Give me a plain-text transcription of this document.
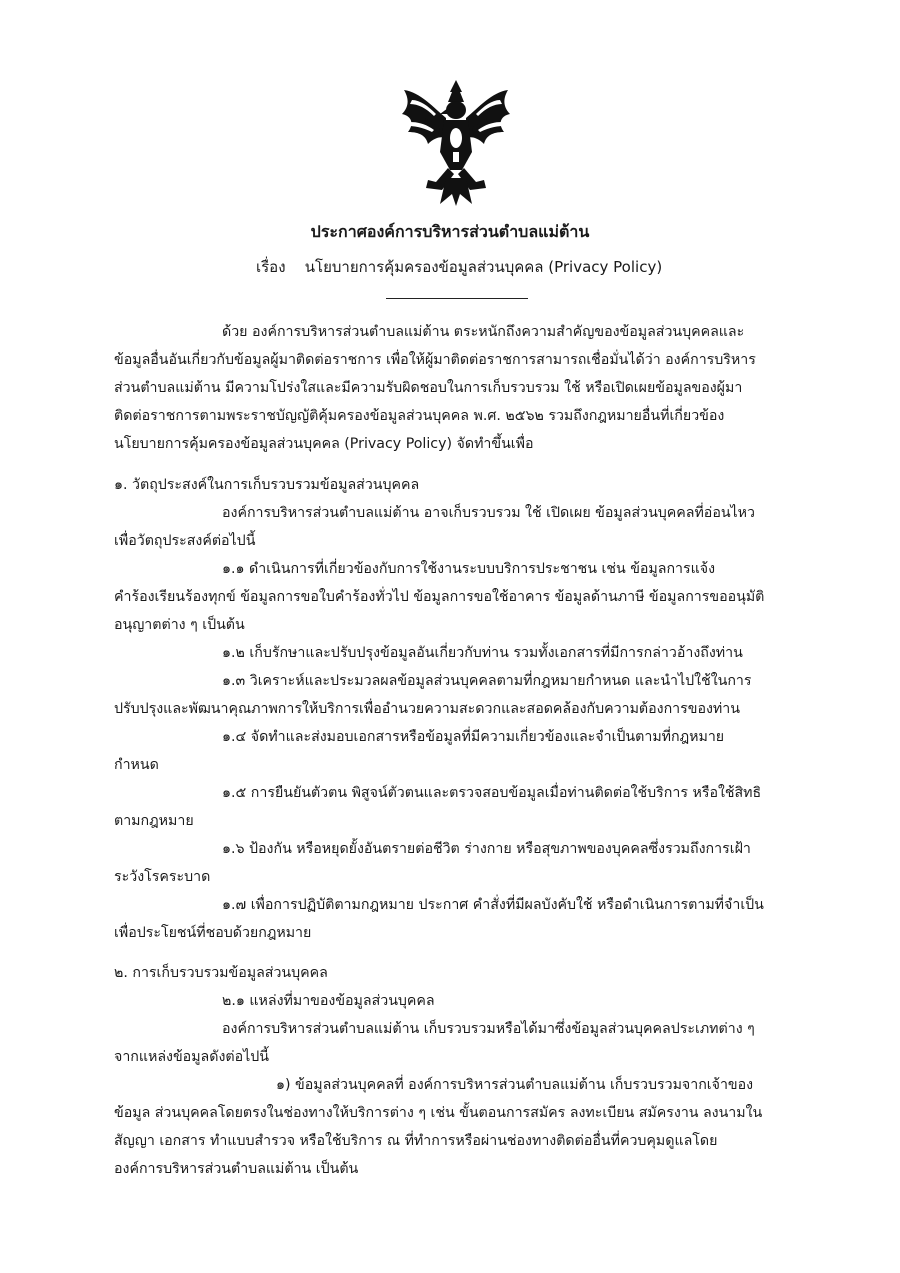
ประกาศองค์การบริหารส่วนตำบลแม่ต้าน
เรื่อง นโยบายการคุ้มครองข้อมูลส่วนบุคคล (Privacy Policy)
ด้วย องค์การบริหารส่วนตำบลแม่ต้าน ตระหนักถึงความสำคัญของข้อมูลส่วนบุคคลและ
ข้อมูลอื่นอันเกี่ยวกับข้อมูลผู้มาติดต่อราชการ เพื่อให้ผู้มาติดต่อราชการสามารถเชื่อมั่นได้ว่า องค์การบริหาร
ส่วนตำบลแม่ต้าน มีความโปร่งใสและมีความรับผิดชอบในการเก็บรวบรวม ใช้ หรือเปิดเผยข้อมูลของผู้มา
ติดต่อราชการตามพระราชบัญญัติคุ้มครองข้อมูลส่วนบุคคล พ.ศ. ๒๕๖๒ รวมถึงกฎหมายอื่นที่เกี่ยวข้อง
นโยบายการคุ้มครองข้อมูลส่วนบุคคล (Privacy Policy) จัดทำขึ้นเพื่อ
๑. วัตถุประสงค์ในการเก็บรวบรวมข้อมูลส่วนบุคคล
องค์การบริหารส่วนตำบลแม่ต้าน อาจเก็บรวบรวม ใช้ เปิดเผย ข้อมูลส่วนบุคคลที่อ่อนไหว
เพื่อวัตถุประสงค์ต่อไปนี้
๑.๑ ดำเนินการที่เกี่ยวข้องกับการใช้งานระบบบริการประชาชน เช่น ข้อมูลการแจ้ง
คำร้องเรียนร้องทุกข์ ข้อมูลการขอใบคำร้องทั่วไป ข้อมูลการขอใช้อาคาร ข้อมูลด้านภาษี ข้อมูลการขออนุมัติ
อนุญาตต่าง ๆ เป็นต้น
๑.๒ เก็บรักษาและปรับปรุงข้อมูลอันเกี่ยวกับท่าน รวมทั้งเอกสารที่มีการกล่าวอ้างถึงท่าน
๑.๓ วิเคราะห์และประมวลผลข้อมูลส่วนบุคคลตามที่กฎหมายกำหนด และนำไปใช้ในการ
ปรับปรุงและพัฒนาคุณภาพการให้บริการเพื่ออำนวยความสะดวกและสอดคล้องกับความต้องการของท่าน
๑.๔ จัดทำและส่งมอบเอกสารหรือข้อมูลที่มีความเกี่ยวข้องและจำเป็นตามที่กฎหมาย
กำหนด
๑.๕ การยืนยันตัวตน พิสูจน์ตัวตนและตรวจสอบข้อมูลเมื่อท่านติดต่อใช้บริการ หรือใช้สิทธิ
ตามกฎหมาย
๑.๖ ป้องกัน หรือหยุดยั้งอันตรายต่อชีวิต ร่างกาย หรือสุขภาพของบุคคลซึ่งรวมถึงการเฝ้า
ระวังโรคระบาด
๑.๗ เพื่อการปฏิบัติตามกฎหมาย ประกาศ คำสั่งที่มีผลบังคับใช้ หรือดำเนินการตามที่จำเป็น
เพื่อประโยชน์ที่ชอบด้วยกฎหมาย
๒. การเก็บรวบรวมข้อมูลส่วนบุคคล
๒.๑ แหล่งที่มาของข้อมูลส่วนบุคคล
องค์การบริหารส่วนตำบลแม่ต้าน เก็บรวบรวมหรือได้มาซึ่งข้อมูลส่วนบุคคลประเภทต่าง ๆ
จากแหล่งข้อมูลดังต่อไปนี้
๑) ข้อมูลส่วนบุคคลที่ องค์การบริหารส่วนตำบลแม่ต้าน เก็บรวบรวมจากเจ้าของ
ข้อมูล ส่วนบุคคลโดยตรงในช่องทางให้บริการต่าง ๆ เช่น ขั้นตอนการสมัคร ลงทะเบียน สมัครงาน ลงนามใน
สัญญา เอกสาร ทำแบบสำรวจ หรือใช้บริการ ณ ที่ทำการหรือผ่านช่องทางติดต่ออื่นที่ควบคุมดูแลโดย
องค์การบริหารส่วนตำบลแม่ต้าน เป็นต้น
